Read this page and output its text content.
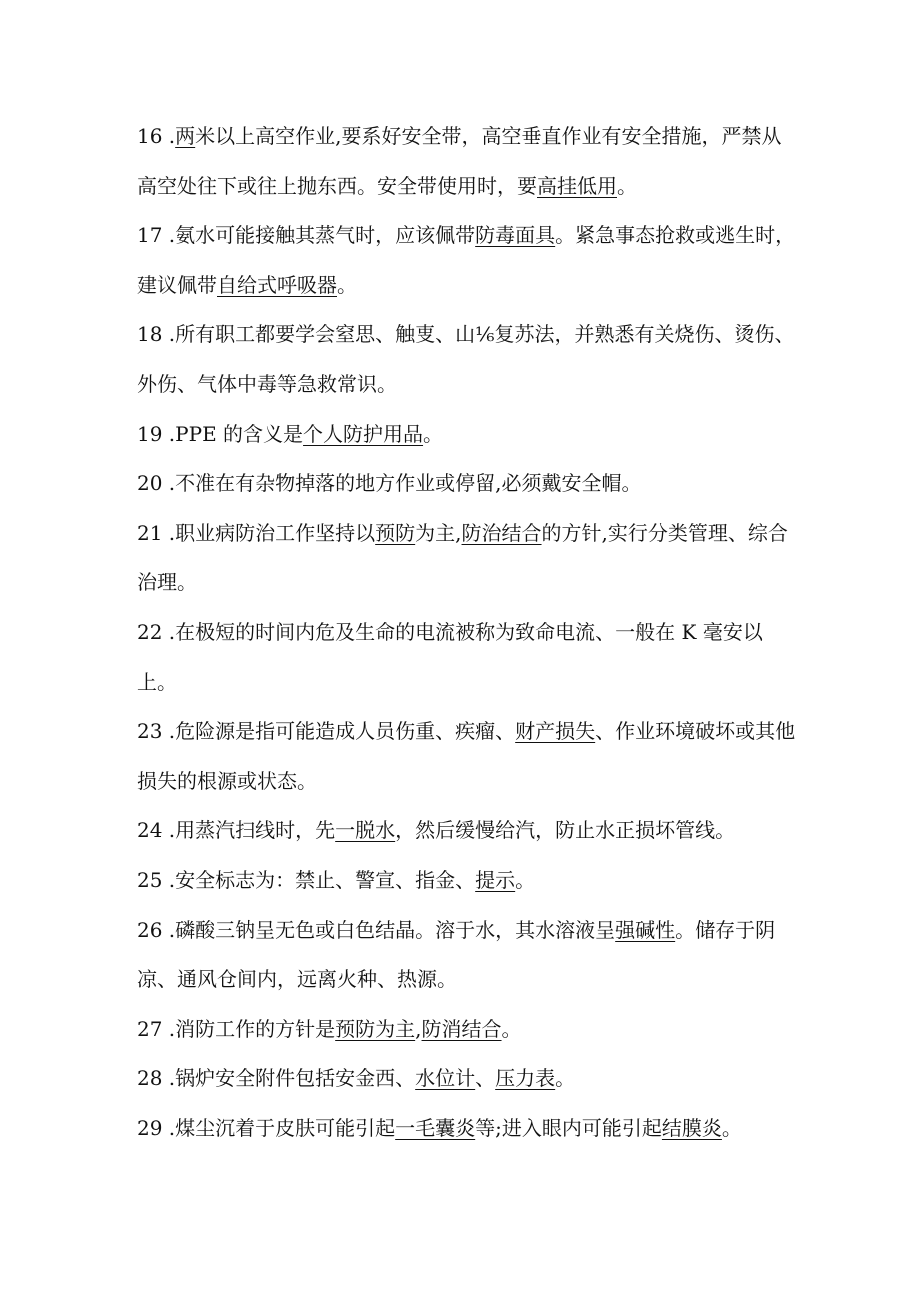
16 .两米以上高空作业,要系好安全带，高空垂直作业有安全措施，严禁从高空处往下或往上抛东西。安全带使用时，要高挂低用。

17 .氨水可能接触其蒸气时，应该佩带防毒面具。紧急事态抢救或逃生时，建议佩带自给式呼吸器。

18 .所有职工都要学会窒思、触叓、山⅙复苏法，并熟悉有关烧伤、烫伤、外伤、气体中毒等急救常识。

19 .PPE 的含义是个人防护用品。

20 .不准在有杂物掉落的地方作业或停留,必须戴安全帽。

21 .职业病防治工作坚持以预防为主,防治结合的方针,实行分类管理、综合治理。

22 .在极短的时间内危及生命的电流被称为致命电流、一般在 K 毫安以上。

23 .危险源是指可能造成人员伤重、疾瘤、财产损失、作业环境破坏或其他损失的根源或状态。

24 .用蒸汽扫线时，先一脱水，然后缓慢给汽，防止水正损坏管线。

25 .安全标志为：禁止、警宣、指金、提示。

26 .磷酸三钠呈无色或白色结晶。溶于水，其水溶液呈强碱性。储存于阴凉、通风仓间内，远离火种、热源。

27 .消防工作的方针是预防为主,防消结合。

28 .锅炉安全附件包括安金西、水位计、压力表。

29 .煤尘沉着于皮肤可能引起一毛囊炎等;进入眼内可能引起结膜炎。
